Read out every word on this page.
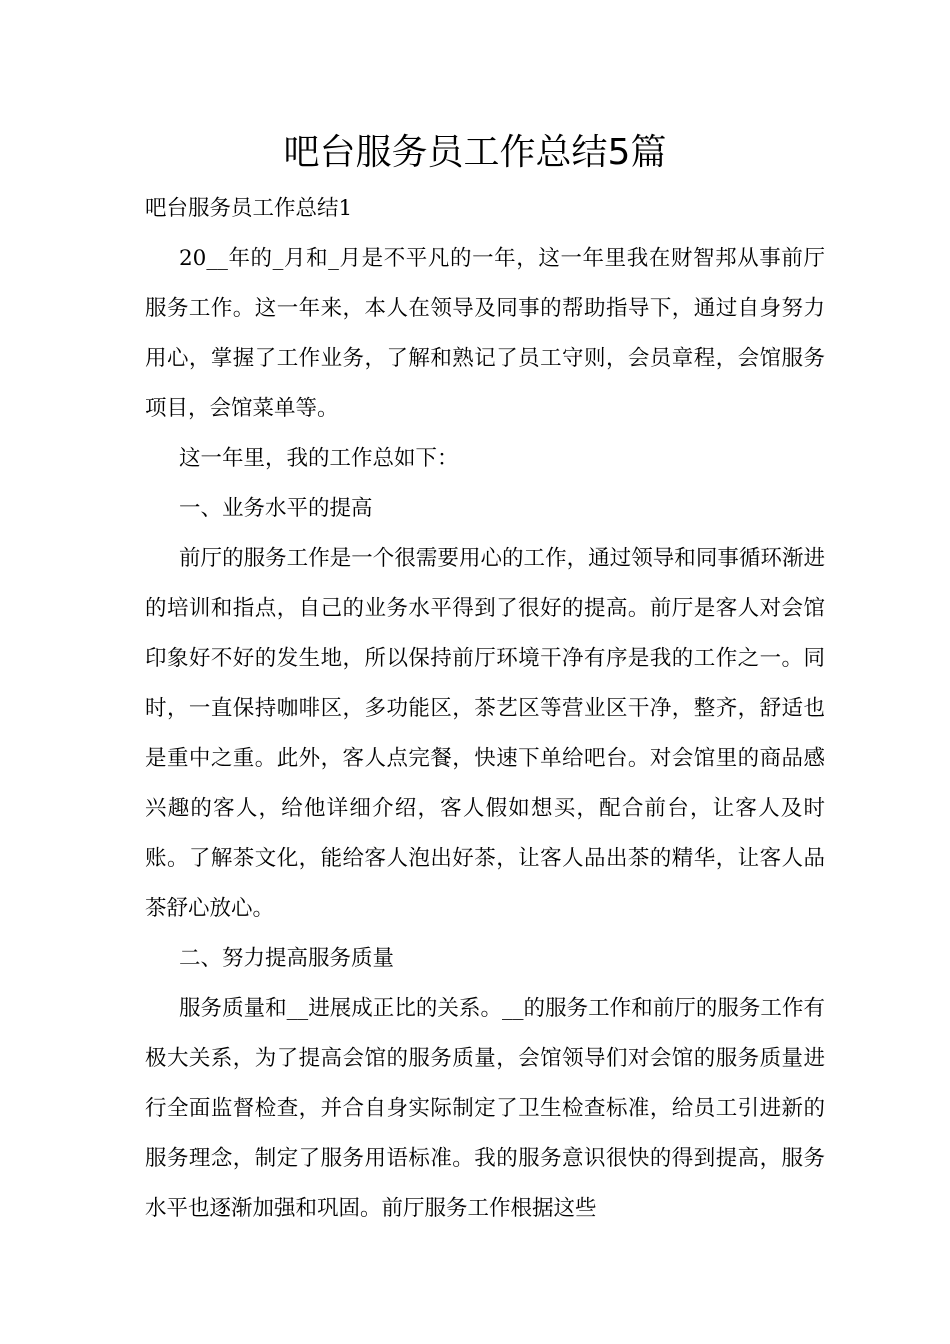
吧台服务员工作总结5篇

吧台服务员工作总结1

20__年的_月和_月是不平凡的一年，这一年里我在财智邦从事前厅服务工作。这一年来，本人在领导及同事的帮助指导下，通过自身努力用心，掌握了工作业务，了解和熟记了员工守则，会员章程，会馆服务项目，会馆菜单等。

这一年里，我的工作总如下：

一、业务水平的提高

前厅的服务工作是一个很需要用心的工作，通过领导和同事循环渐进的培训和指点，自己的业务水平得到了很好的提高。前厅是客人对会馆印象好不好的发生地，所以保持前厅环境干净有序是我的工作之一。同时，一直保持咖啡区，多功能区，茶艺区等营业区干净，整齐，舒适也是重中之重。此外，客人点完餐，快速下单给吧台。对会馆里的商品感兴趣的客人，给他详细介绍，客人假如想买，配合前台，让客人及时账。了解茶文化，能给客人泡出好茶，让客人品出茶的精华，让客人品茶舒心放心。

二、努力提高服务质量

服务质量和__进展成正比的关系。__的服务工作和前厅的服务工作有极大关系，为了提高会馆的服务质量，会馆领导们对会馆的服务质量进行全面监督检查，并合自身实际制定了卫生检查标准，给员工引进新的服务理念，制定了服务用语标准。我的服务意识很快的得到提高，服务水平也逐渐加强和巩固。前厅服务工作根据这些
